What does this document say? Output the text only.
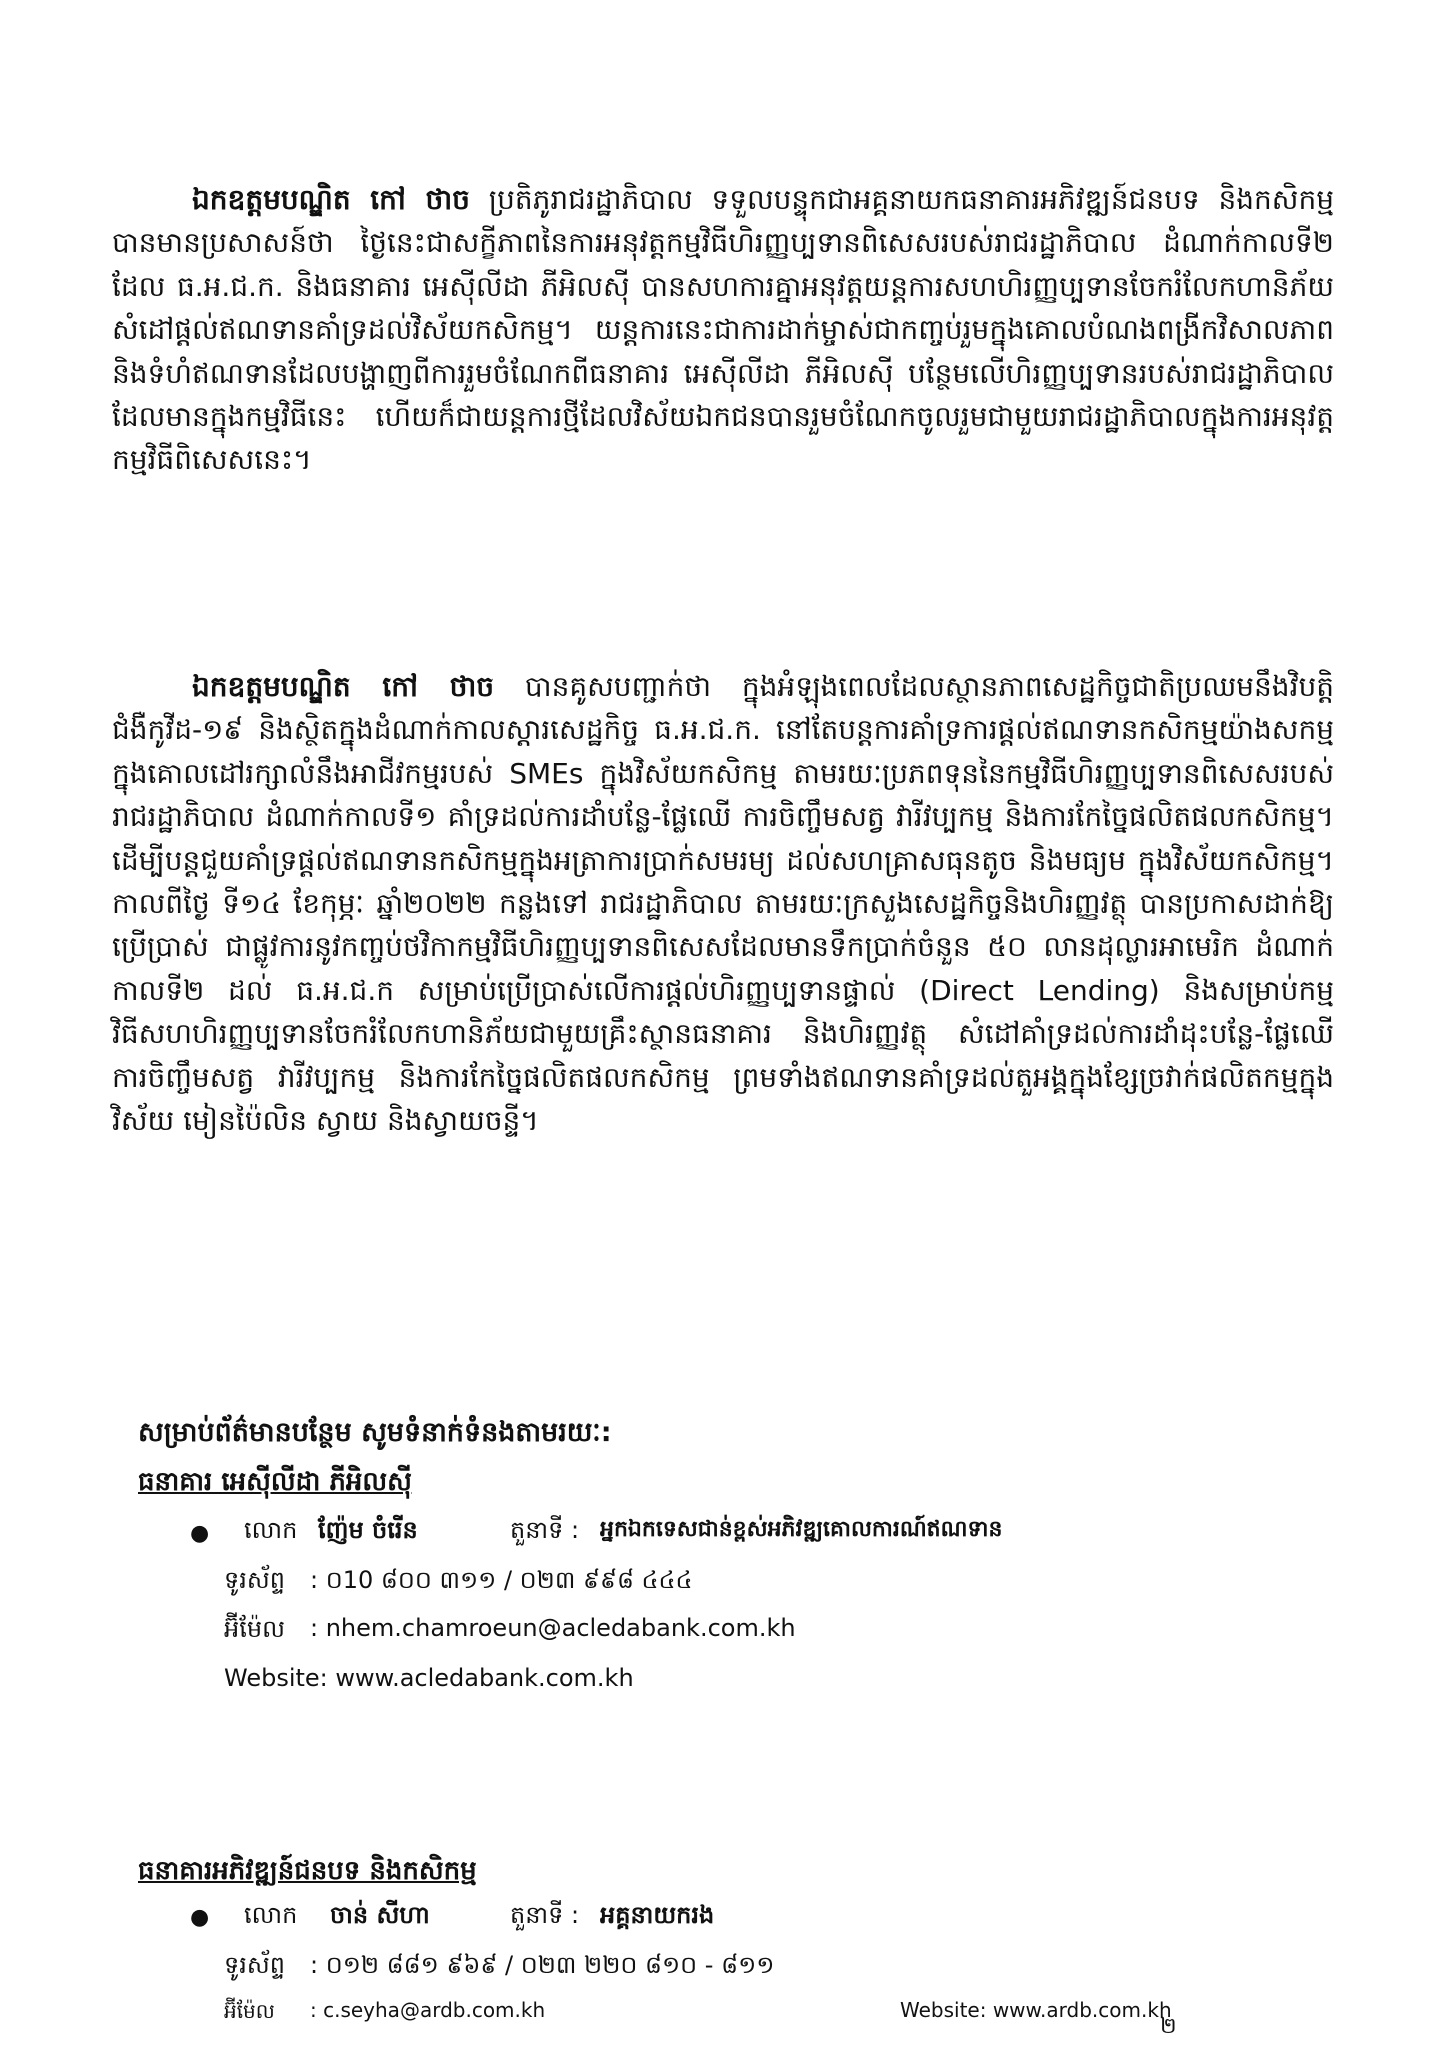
ឯកឧត្ដមបណ្ឌិត កៅ ថាច ប្រតិភូរាជរដ្ឋាភិបាល ទទួលបន្ទុកជាអគ្គនាយកធនាគារអភិវឌ្ឍន៍ជនបទ និងកសិកម្ម បានមានប្រសាសន៍ថា ថ្ងៃនេះជាសក្ខីភាពនៃការអនុវត្តកម្មវិធីហិរញ្ញប្បទានពិសេសរបស់រាជរដ្ឋាភិបាល ដំណាក់កាលទី២ ដែល ធ.អ.ជ.ក. និងធនាគារ អេស៊ីលីដា ភីអិលស៊ី បានសហការគ្នាអនុវត្តយន្តការសហហិរញ្ញប្បទានចែករំលែកហានិភ័យ សំដៅផ្ដល់ឥណទានគាំទ្រដល់វិស័យកសិកម្ម។ យន្តការនេះជាការដាក់ម្ចាស់ជាកញ្ចប់រួមក្នុងគោលបំណងពង្រីកវិសាលភាព និងទំហំឥណទានដែលបង្ហាញពីការរួមចំណែកពីធនាគារ អេស៊ីលីដា ភីអិលស៊ី បន្ថែមលើហិរញ្ញប្បទានរបស់រាជរដ្ឋាភិបាលដែលមានក្នុងកម្មវិធីនេះ ហើយក៏ជាយន្តការថ្មីដែលវិស័យឯកជនបានរួមចំណែកចូលរួមជាមួយរាជរដ្ឋាភិបាលក្នុងការអនុវត្តកម្មវិធីពិសេសនេះ។

ឯកឧត្ដមបណ្ឌិត កៅ ថាច បានគូសបញ្ជាក់ថា ក្នុងអំឡុងពេលដែលស្ថានភាពសេដ្ឋកិច្ចជាតិប្រឈមនឹងវិបត្តិជំងឺកូវីដ-១៩ និងស្ថិតក្នុងដំណាក់កាលស្តារសេដ្ឋកិច្ច ធ.អ.ជ.ក. នៅតែបន្តការគាំទ្រការផ្តល់ឥណទានកសិកម្មយ៉ាងសកម្មក្នុងគោលដៅរក្សាលំនឹងអាជីវកម្មរបស់ SMEs ក្នុងវិស័យកសិកម្ម តាមរយៈប្រភពទុននៃកម្មវិធីហិរញ្ញប្បទានពិសេសរបស់រាជរដ្ឋាភិបាល ដំណាក់កាលទី១ គាំទ្រដល់ការដាំបន្លែ-ផ្លែឈើ ការចិញ្ចឹមសត្វ វារីវប្បកម្ម និងការកែច្នៃផលិតផលកសិកម្ម។ ដើម្បីបន្តជួយគាំទ្រផ្តល់ឥណទានកសិកម្មក្នុងអត្រាការប្រាក់សមរម្យ ដល់សហគ្រាសធុនតូច និងមធ្យម ក្នុងវិស័យកសិកម្ម។ កាលពីថ្ងៃ ទី១៤ ខែកុម្ភៈ ឆ្នាំ២០២២ កន្លងទៅ រាជរដ្ឋាភិបាល តាមរយៈក្រសួងសេដ្ឋកិច្ចនិងហិរញ្ញវត្ថុ បានប្រកាសដាក់ឱ្យប្រើប្រាស់ ជាផ្លូវការនូវកញ្ចប់ថវិកាកម្មវិធីហិរញ្ញប្បទានពិសេសដែលមានទឹកប្រាក់ចំនួន ៥០ លានដុល្លារអាមេរិក ដំណាក់កាលទី២ ដល់ ធ.អ.ជ.ក សម្រាប់ប្រើប្រាស់លើការផ្តល់ហិរញ្ញប្បទានផ្ទាល់ (Direct Lending) និងសម្រាប់កម្មវិធីសហហិរញ្ញប្បទានចែករំលែកហានិភ័យជាមួយគ្រឹះស្ថានធនាគារ និងហិរញ្ញវត្ថុ សំដៅគាំទ្រដល់ការដាំដុះបន្លែ-ផ្លែឈើ ការចិញ្ចឹមសត្វ វារីវប្បកម្ម និងការកែច្នៃផលិតផលកសិកម្ម ព្រមទាំងឥណទានគាំទ្រដល់តួអង្គក្នុងខ្សែច្រវាក់ផលិតកម្មក្នុងវិស័យ មៀនប៉ៃលិន ស្វាយ និងស្វាយចន្ទី។

សម្រាប់ព័ត៌មានបន្ថែម សូមទំនាក់ទំនងតាមរយៈ:
ធនាគារ អេស៊ីលីដា ភីអិលស៊ី
● លោក ញ៉ែម ចំរើន	តួនាទី : អ្នកឯកទេសជាន់ខ្ពស់អភិវឌ្ឍគោលការណ៍ឥណទាន
ទូរស័ព្ទ : ០10 ៨០០ ៣១១ / ០២៣ ៩៩៨ ៤៤៤
អ៊ីម៉ែល : nhem.chamroeun@acledabank.com.kh
Website: www.acledabank.com.kh
ធនាគារអភិវឌ្ឍន៍ជនបទ និងកសិកម្ម
● លោក ចាន់ សីហា	តួនាទី : អគ្គនាយករង
ទូរស័ព្ទ : ០១២ ៨៨១ ៩៦៩ / ០២៣ ២២០ ៨១០ - ៨១១
អ៊ីម៉ែល : c.seyha@ardb.com.kh	Website: www.ardb.com.kh
២
